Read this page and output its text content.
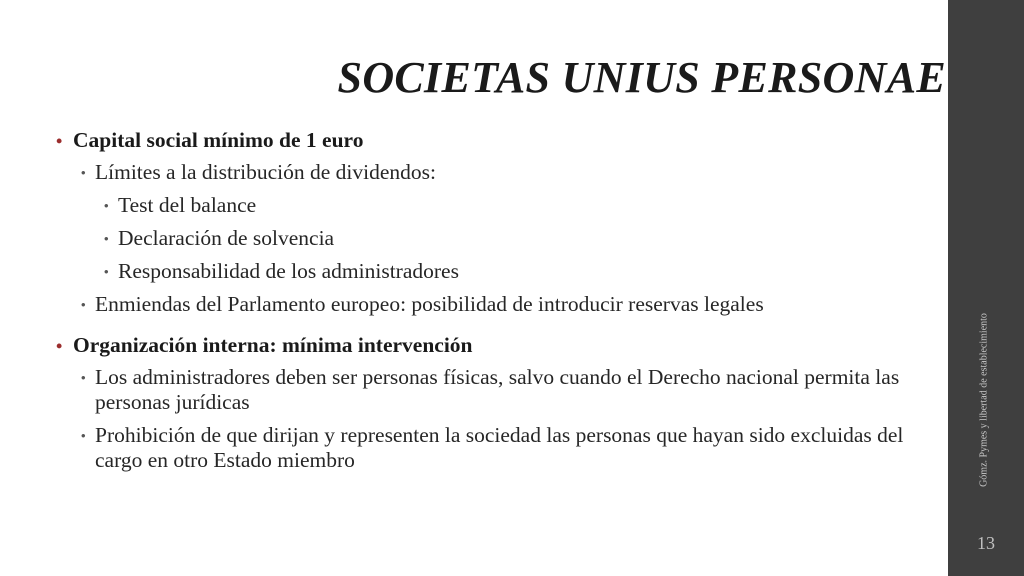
SOCIETAS UNIUS PERSONAE
• Capital social mínimo de 1 euro
• Límites a la distribución de dividendos:
• Test del balance
• Declaración de solvencia
• Responsabilidad de los administradores
• Enmiendas del Parlamento europeo: posibilidad de introducir reservas legales
• Organización interna: mínima intervención
• Los administradores deben ser personas físicas, salvo cuando el Derecho nacional permita las personas jurídicas
• Prohibición de que dirijan y representen la sociedad las personas que hayan sido excluidas del cargo en otro Estado miembro	Gómz. Pymes y libertad de establecimiento
13
